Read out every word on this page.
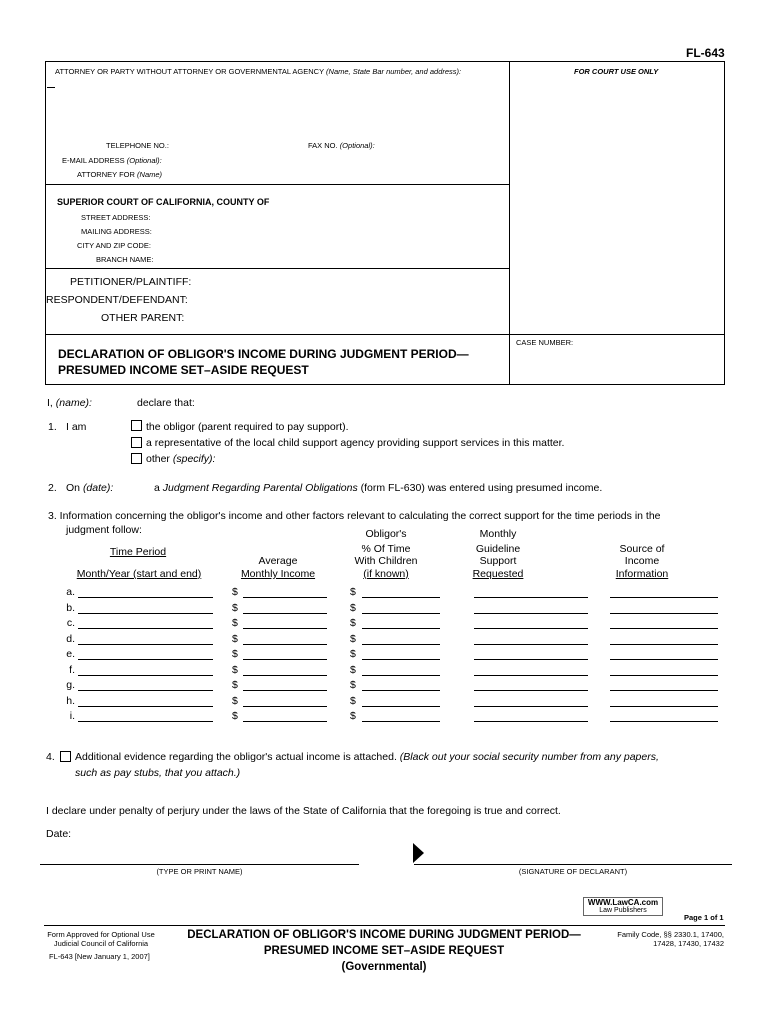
FL-643
ATTORNEY OR PARTY WITHOUT ATTORNEY OR GOVERNMENTAL AGENCY (Name, State Bar number, and address):	FOR COURT USE ONLY
TELEPHONE NO.:	FAX NO. (Optional):
E-MAIL ADDRESS (Optional):
ATTORNEY FOR (Name)
SUPERIOR COURT OF CALIFORNIA, COUNTY OF
STREET ADDRESS:
MAILING ADDRESS:
CITY AND ZIP CODE:
BRANCH NAME:
PETITIONER/PLAINTIFF:
RESPONDENT/DEFENDANT:
OTHER PARENT:
CASE NUMBER:
DECLARATION OF OBLIGOR'S INCOME DURING JUDGMENT PERIOD—
PRESUMED INCOME SET–ASIDE REQUEST
I, (name):	declare that:
1. I am	the obligor (parent required to pay support).
a representative of the local child support agency providing support services in this matter.
other (specify):
2. On (date):	a Judgment Regarding Parental Obligations (form FL-630) was entered using presumed income.
3. Information concerning the obligor's income and other factors relevant to calculating the correct support for the time periods in the
judgment follow:	Obligor's	Monthly
Time Period	% Of Time	Guideline	Source of
Average	With Children	Support	Income
Month/Year (start and end)	Monthly Income	(if known)	Requested	Information
a.	$	$
b.	$	$
c.	$	$
d.	$	$
e.	$	$
f.	$	$
g.	$	$
h.	$	$
i.	$	$
4. Additional evidence regarding the obligor's actual income is attached. (Black out your social security number from any papers,
such as pay stubs, that you attach.)
I declare under penalty of perjury under the laws of the State of California that the foregoing is true and correct.
Date:
(TYPE OR PRINT NAME)	(SIGNATURE OF DECLARANT)
WWW.LawCA.com
Law Publishers
Page 1 of 1
Form Approved for Optional Use
Judicial Council of California
FL-643 [New January 1, 2007]
DECLARATION OF OBLIGOR'S INCOME DURING JUDGMENT PERIOD—
PRESUMED INCOME SET–ASIDE REQUEST
(Governmental)
Family Code, §§ 2330.1, 17400,
17428, 17430, 17432
